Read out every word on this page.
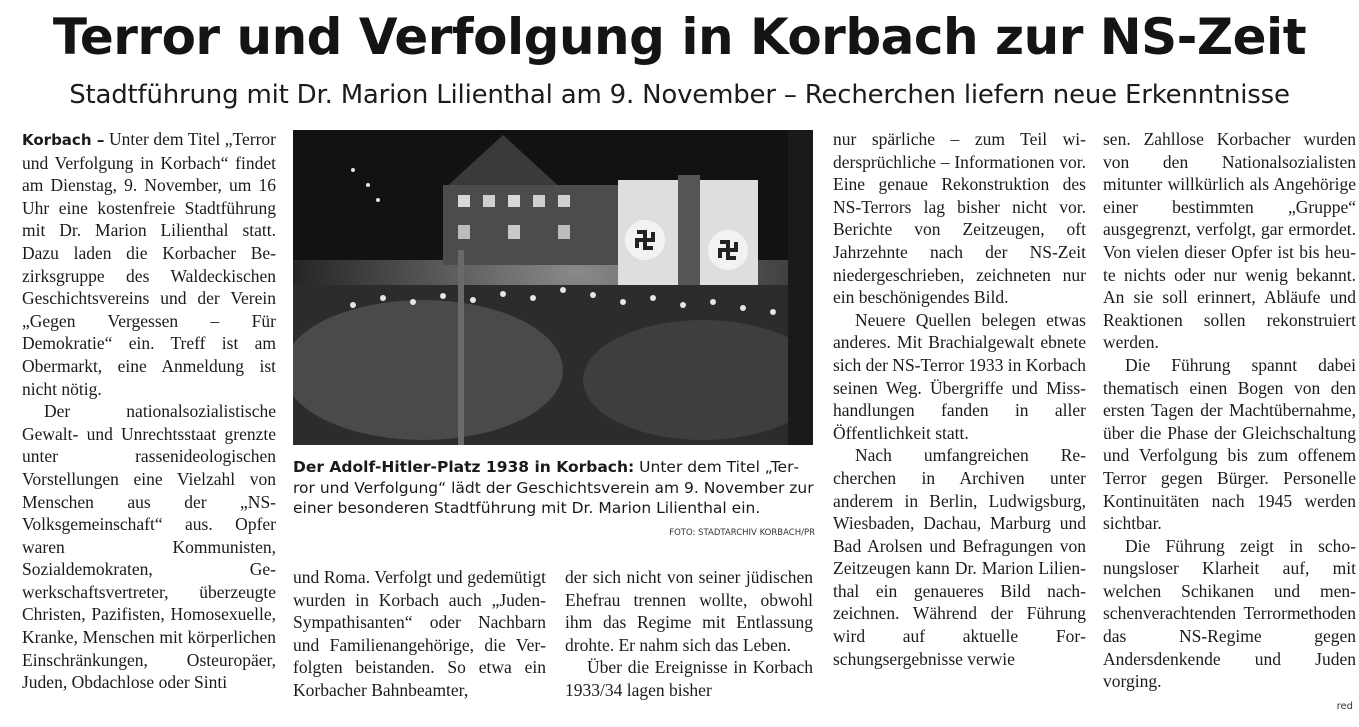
Terror und Verfolgung in Korbach zur NS-Zeit
Stadtführung mit Dr. Marion Lilienthal am 9. November – Recherchen liefern neue Erkenntnisse

Korbach – Unter dem Titel „Terror und Verfolgung in Korbach“ findet am Dienstag, 9. November, um 16 Uhr eine kostenfreie Stadtführung mit Dr. Marion Lilienthal statt. Dazu laden die Korbacher Bezirksgruppe des Waldeckischen Geschichtsvereins und der Verein „Gegen Vergessen – Für Demokratie“ ein. Treff ist am Obermarkt, eine Anmeldung ist nicht nötig.

Der nationalsozialistische Gewalt- und Unrechtsstaat grenzte unter rassenideologischen Vorstellungen eine Vielzahl von Menschen aus der „NS-Volksgemeinschaft“ aus. Opfer waren Kommunisten, Sozialdemokraten, Gewerkschaftsvertreter, überzeugte Christen, Pazifisten, Homosexuelle, Kranke, Menschen mit körperlichen Einschränkungen, Osteuropäer, Juden, Obdachlose oder Sinti

Der Adolf-Hitler-Platz 1938 in Korbach: Unter dem Titel „Terror und Verfolgung“ lädt der Geschichtsverein am 9. November zur einer besonderen Stadtführung mit Dr. Marion Lilienthal ein.
FOTO: STADTARCHIV KORBACH/PR

und Roma. Verfolgt und gedemütigt wurden in Korbach auch „Juden-Sympathisanten“ oder Nachbarn und Familienangehörige, die Verfolgten beistanden. So etwa ein Korbacher Bahnbeamter,

der sich nicht von seiner jüdischen Ehefrau trennen wollte, obwohl ihm das Regime mit Entlassung drohte. Er nahm sich das Leben.

Über die Ereignisse in Korbach 1933/34 lagen bisher

nur spärliche – zum Teil widersprüchliche – Informationen vor. Eine genaue Rekonstruktion des NS-Terrors lag bisher nicht vor. Berichte von Zeitzeugen, oft Jahrzehnte nach der NS-Zeit niedergeschrieben, zeichneten nur ein beschönigendes Bild.

Neuere Quellen belegen etwas anderes. Mit Brachialgewalt ebnete sich der NS-Terror 1933 in Korbach seinen Weg. Übergriffe und Misshandlungen fanden in aller Öffentlichkeit statt.

Nach umfangreichen Recherchen in Archiven unter anderem in Berlin, Ludwigsburg, Wiesbaden, Dachau, Marburg und Bad Arolsen und Befragungen von Zeitzeugen kann Dr. Marion Lilienthal ein genaueres Bild nachzeichnen. Während der Führung wird auf aktuelle Forschungsergebnisse verwie

sen. Zahllose Korbacher wurden von den Nationalsozialisten mitunter willkürlich als Angehörige einer bestimmten „Gruppe“ ausgegrenzt, verfolgt, gar ermordet. Von vielen dieser Opfer ist bis heute nichts oder nur wenig bekannt. An sie soll erinnert, Abläufe und Reaktionen sollen rekonstruiert werden.

Die Führung spannt dabei thematisch einen Bogen von den ersten Tagen der Machtübernahme, über die Phase der Gleichschaltung und Verfolgung bis zum offenem Terror gegen Bürger. Personelle Kontinuitäten nach 1945 werden sichtbar.

Die Führung zeigt in schonungsloser Klarheit auf, mit welchen Schikanen und menschenverachtenden Terrormethoden das NS-Regime gegen Andersdenkende und Juden vorging.

red
